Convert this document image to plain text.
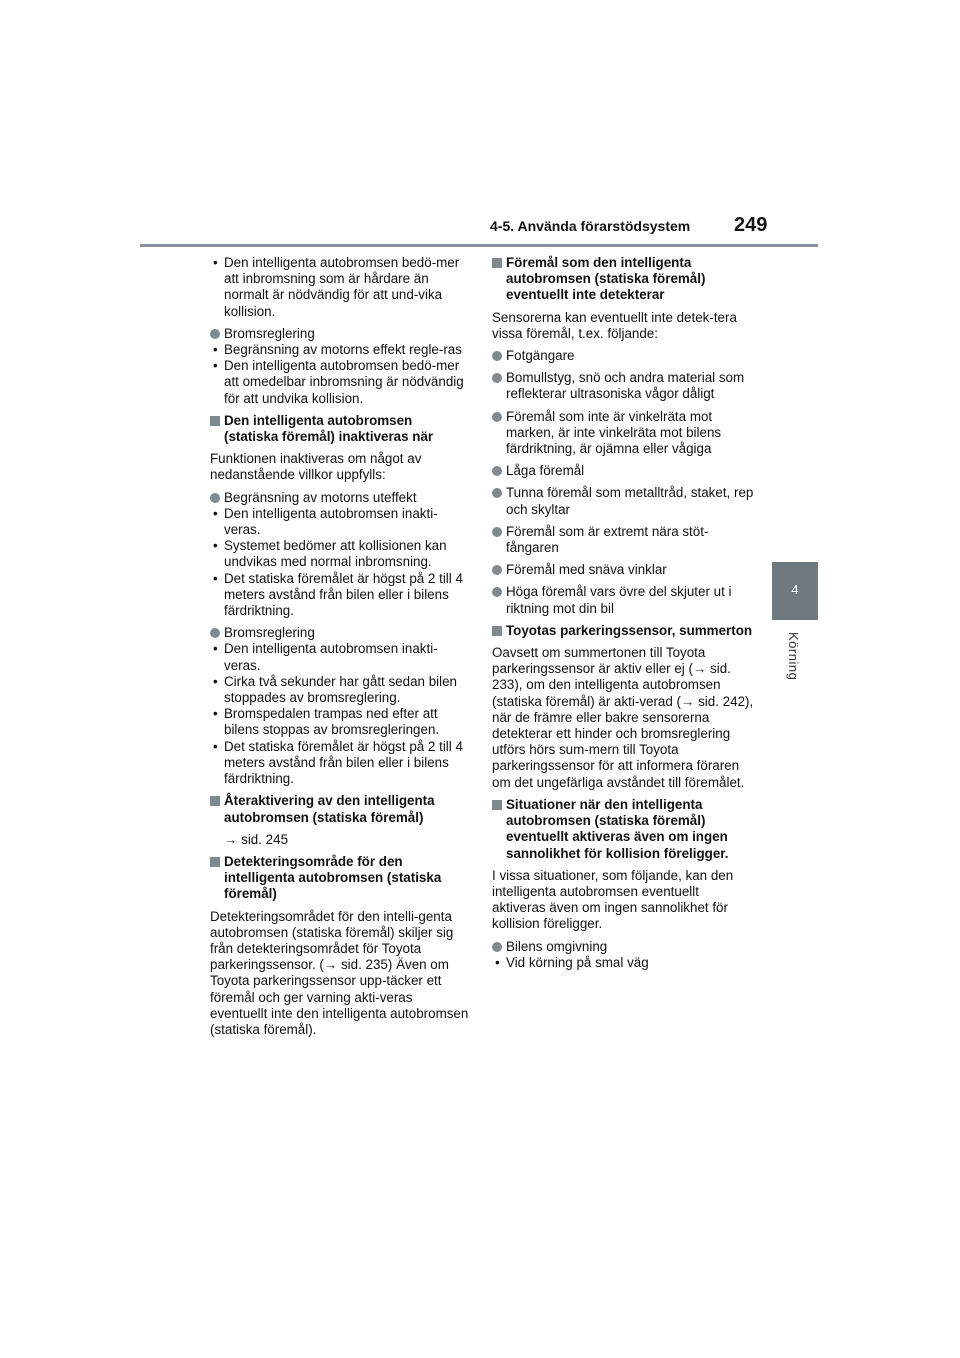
4-5. Använda förarstödsystem 249
4
Körning

• Den intelligenta autobromsen bedö-mer att inbromsning som är hårdare än normalt är nödvändig för att und-vika kollision.

Bromsreglering

• Begränsning av motorns effekt regle-ras

• Den intelligenta autobromsen bedö-mer att omedelbar inbromsning är nödvändig för att undvika kollision.

Den intelligenta autobromsen (statiska föremål) inaktiveras när

Funktionen inaktiveras om något av nedanstående villkor uppfylls:

Begränsning av motorns uteffekt

• Den intelligenta autobromsen inakti-veras.

• Systemet bedömer att kollisionen kan undvikas med normal inbromsning.

• Det statiska föremålet är högst på 2 till 4 meters avstånd från bilen eller i bilens färdriktning.

Bromsreglering

• Den intelligenta autobromsen inakti-veras.

• Cirka två sekunder har gått sedan bilen stoppades av bromsreglering.

• Bromspedalen trampas ned efter att bilens stoppas av bromsregleringen.

• Det statiska föremålet är högst på 2 till 4 meters avstånd från bilen eller i bilens färdriktning.

Återaktivering av den intelligenta autobromsen (statiska föremål)

→ sid. 245

Detekteringsområde för den intelligenta autobromsen (statiska föremål)

Detekteringsområdet för den intelli-genta autobromsen (statiska föremål) skiljer sig från detekteringsområdet för Toyota parkeringssensor. (→ sid. 235) Även om Toyota parkeringssensor upp-täcker ett föremål och ger varning akti-veras eventuellt inte den intelligenta autobromsen (statiska föremål).

Föremål som den intelligenta autobromsen (statiska föremål) eventuellt inte detekterar

Sensorerna kan eventuellt inte detek-tera vissa föremål, t.ex. följande:

Fotgängare

Bomullstyg, snö och andra material som reflekterar ultrasoniska vågor dåligt

Föremål som inte är vinkelräta mot marken, är inte vinkelräta mot bilens färdriktning, är ojämna eller vågiga

Låga föremål

Tunna föremål som metalltråd, staket, rep och skyltar

Föremål som är extremt nära stöt-fångaren

Föremål med snäva vinklar

Höga föremål vars övre del skjuter ut i riktning mot din bil

Toyotas parkeringssensor, summerton

Oavsett om summertonen till Toyota parkeringssensor är aktiv eller ej (→ sid. 233), om den intelligenta autobromsen (statiska föremål) är akti-verad (→ sid. 242), när de främre eller bakre sensorerna detekterar ett hinder och bromsreglering utförs hörs sum-mern till Toyota parkeringssensor för att informera föraren om det ungefärliga avståndet till föremålet.

Situationer när den intelligenta autobromsen (statiska föremål) eventuellt aktiveras även om ingen sannolikhet för kollision föreligger.

I vissa situationer, som följande, kan den intelligenta autobromsen eventuellt aktiveras även om ingen sannolikhet för kollision föreligger.

Bilens omgivning

• Vid körning på smal väg
